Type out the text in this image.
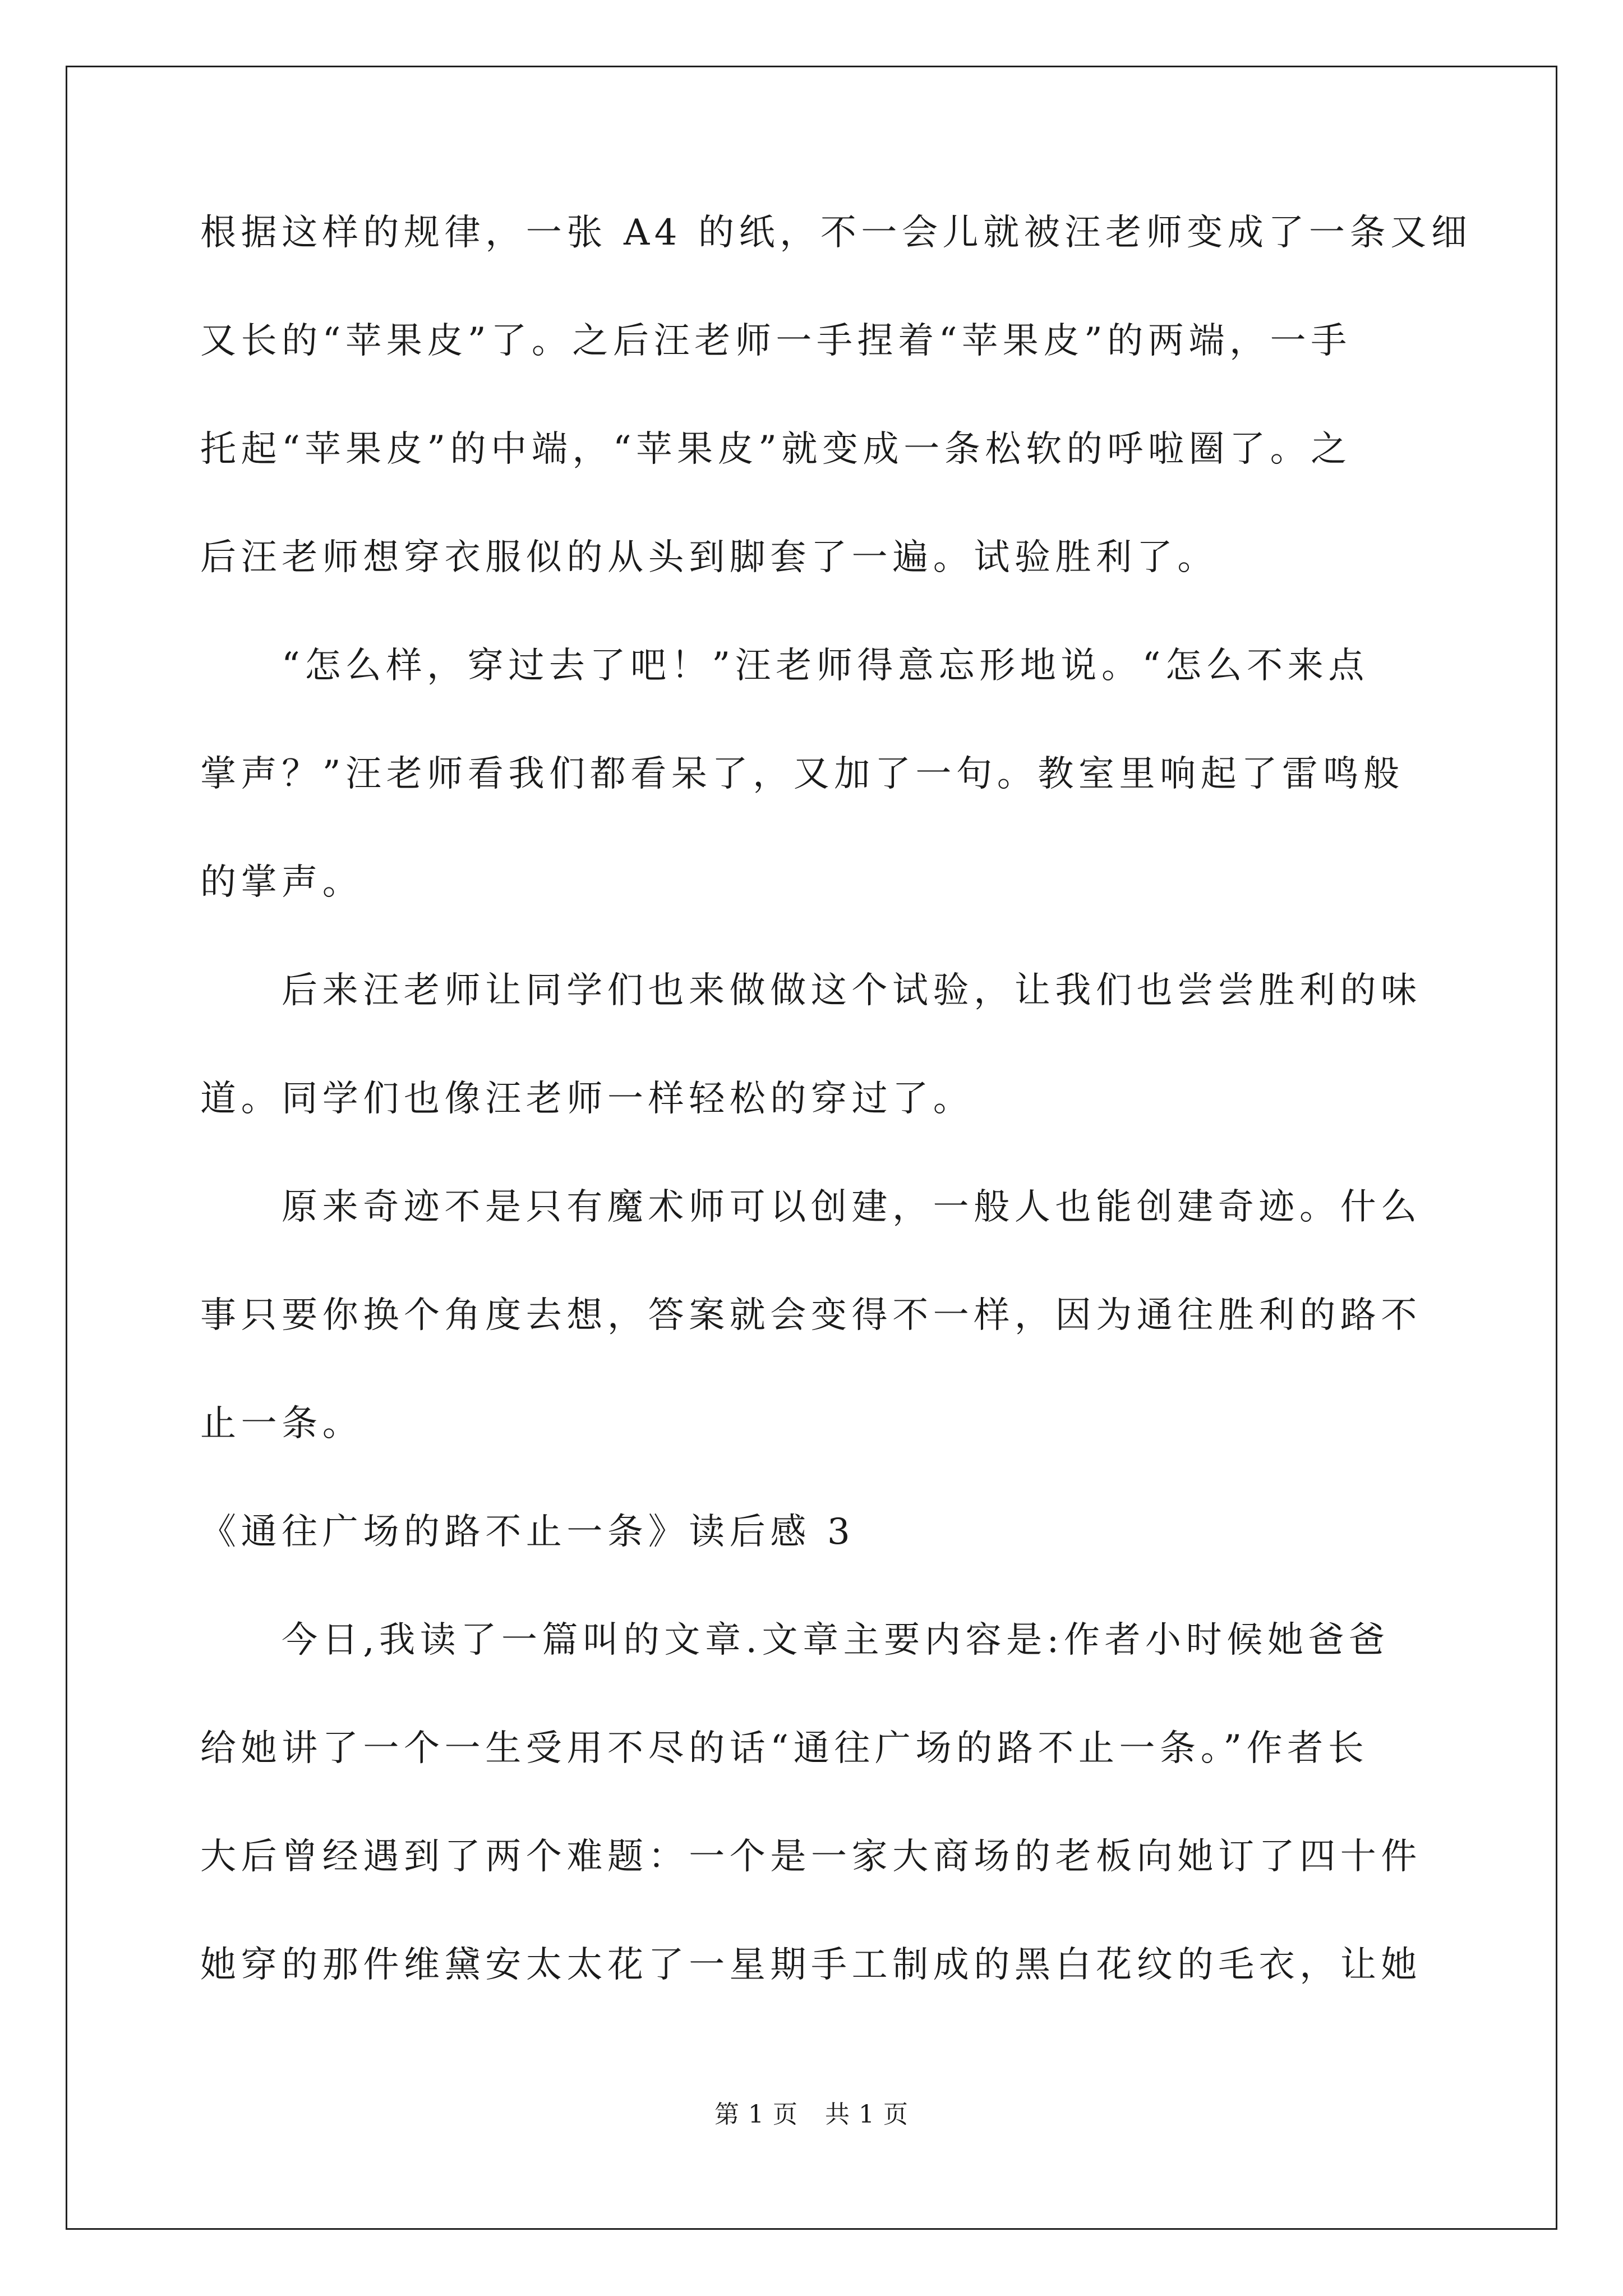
根据这样的规律，一张 A4 的纸，不一会儿就被汪老师变成了一条又细
又长的“苹果皮”了。之后汪老师一手捏着“苹果皮”的两端，一手
托起“苹果皮”的中端，“苹果皮”就变成一条松软的呼啦圈了。之
后汪老师想穿衣服似的从头到脚套了一遍。试验胜利了。
“怎么样，穿过去了吧！”汪老师得意忘形地说。“怎么不来点
掌声？”汪老师看我们都看呆了，又加了一句。教室里响起了雷鸣般
的掌声。
后来汪老师让同学们也来做做这个试验，让我们也尝尝胜利的味
道。同学们也像汪老师一样轻松的穿过了。
原来奇迹不是只有魔术师可以创建，一般人也能创建奇迹。什么
事只要你换个角度去想，答案就会变得不一样，因为通往胜利的路不
止一条。
《通往广场的路不止一条》读后感 3
今日,我读了一篇叫的文章.文章主要内容是:作者小时候她爸爸
给她讲了一个一生受用不尽的话“通往广场的路不止一条。”作者长
大后曾经遇到了两个难题：一个是一家大商场的老板向她订了四十件
她穿的那件维黛安太太花了一星期手工制成的黑白花纹的毛衣，让她
第 1 页 共 1 页
